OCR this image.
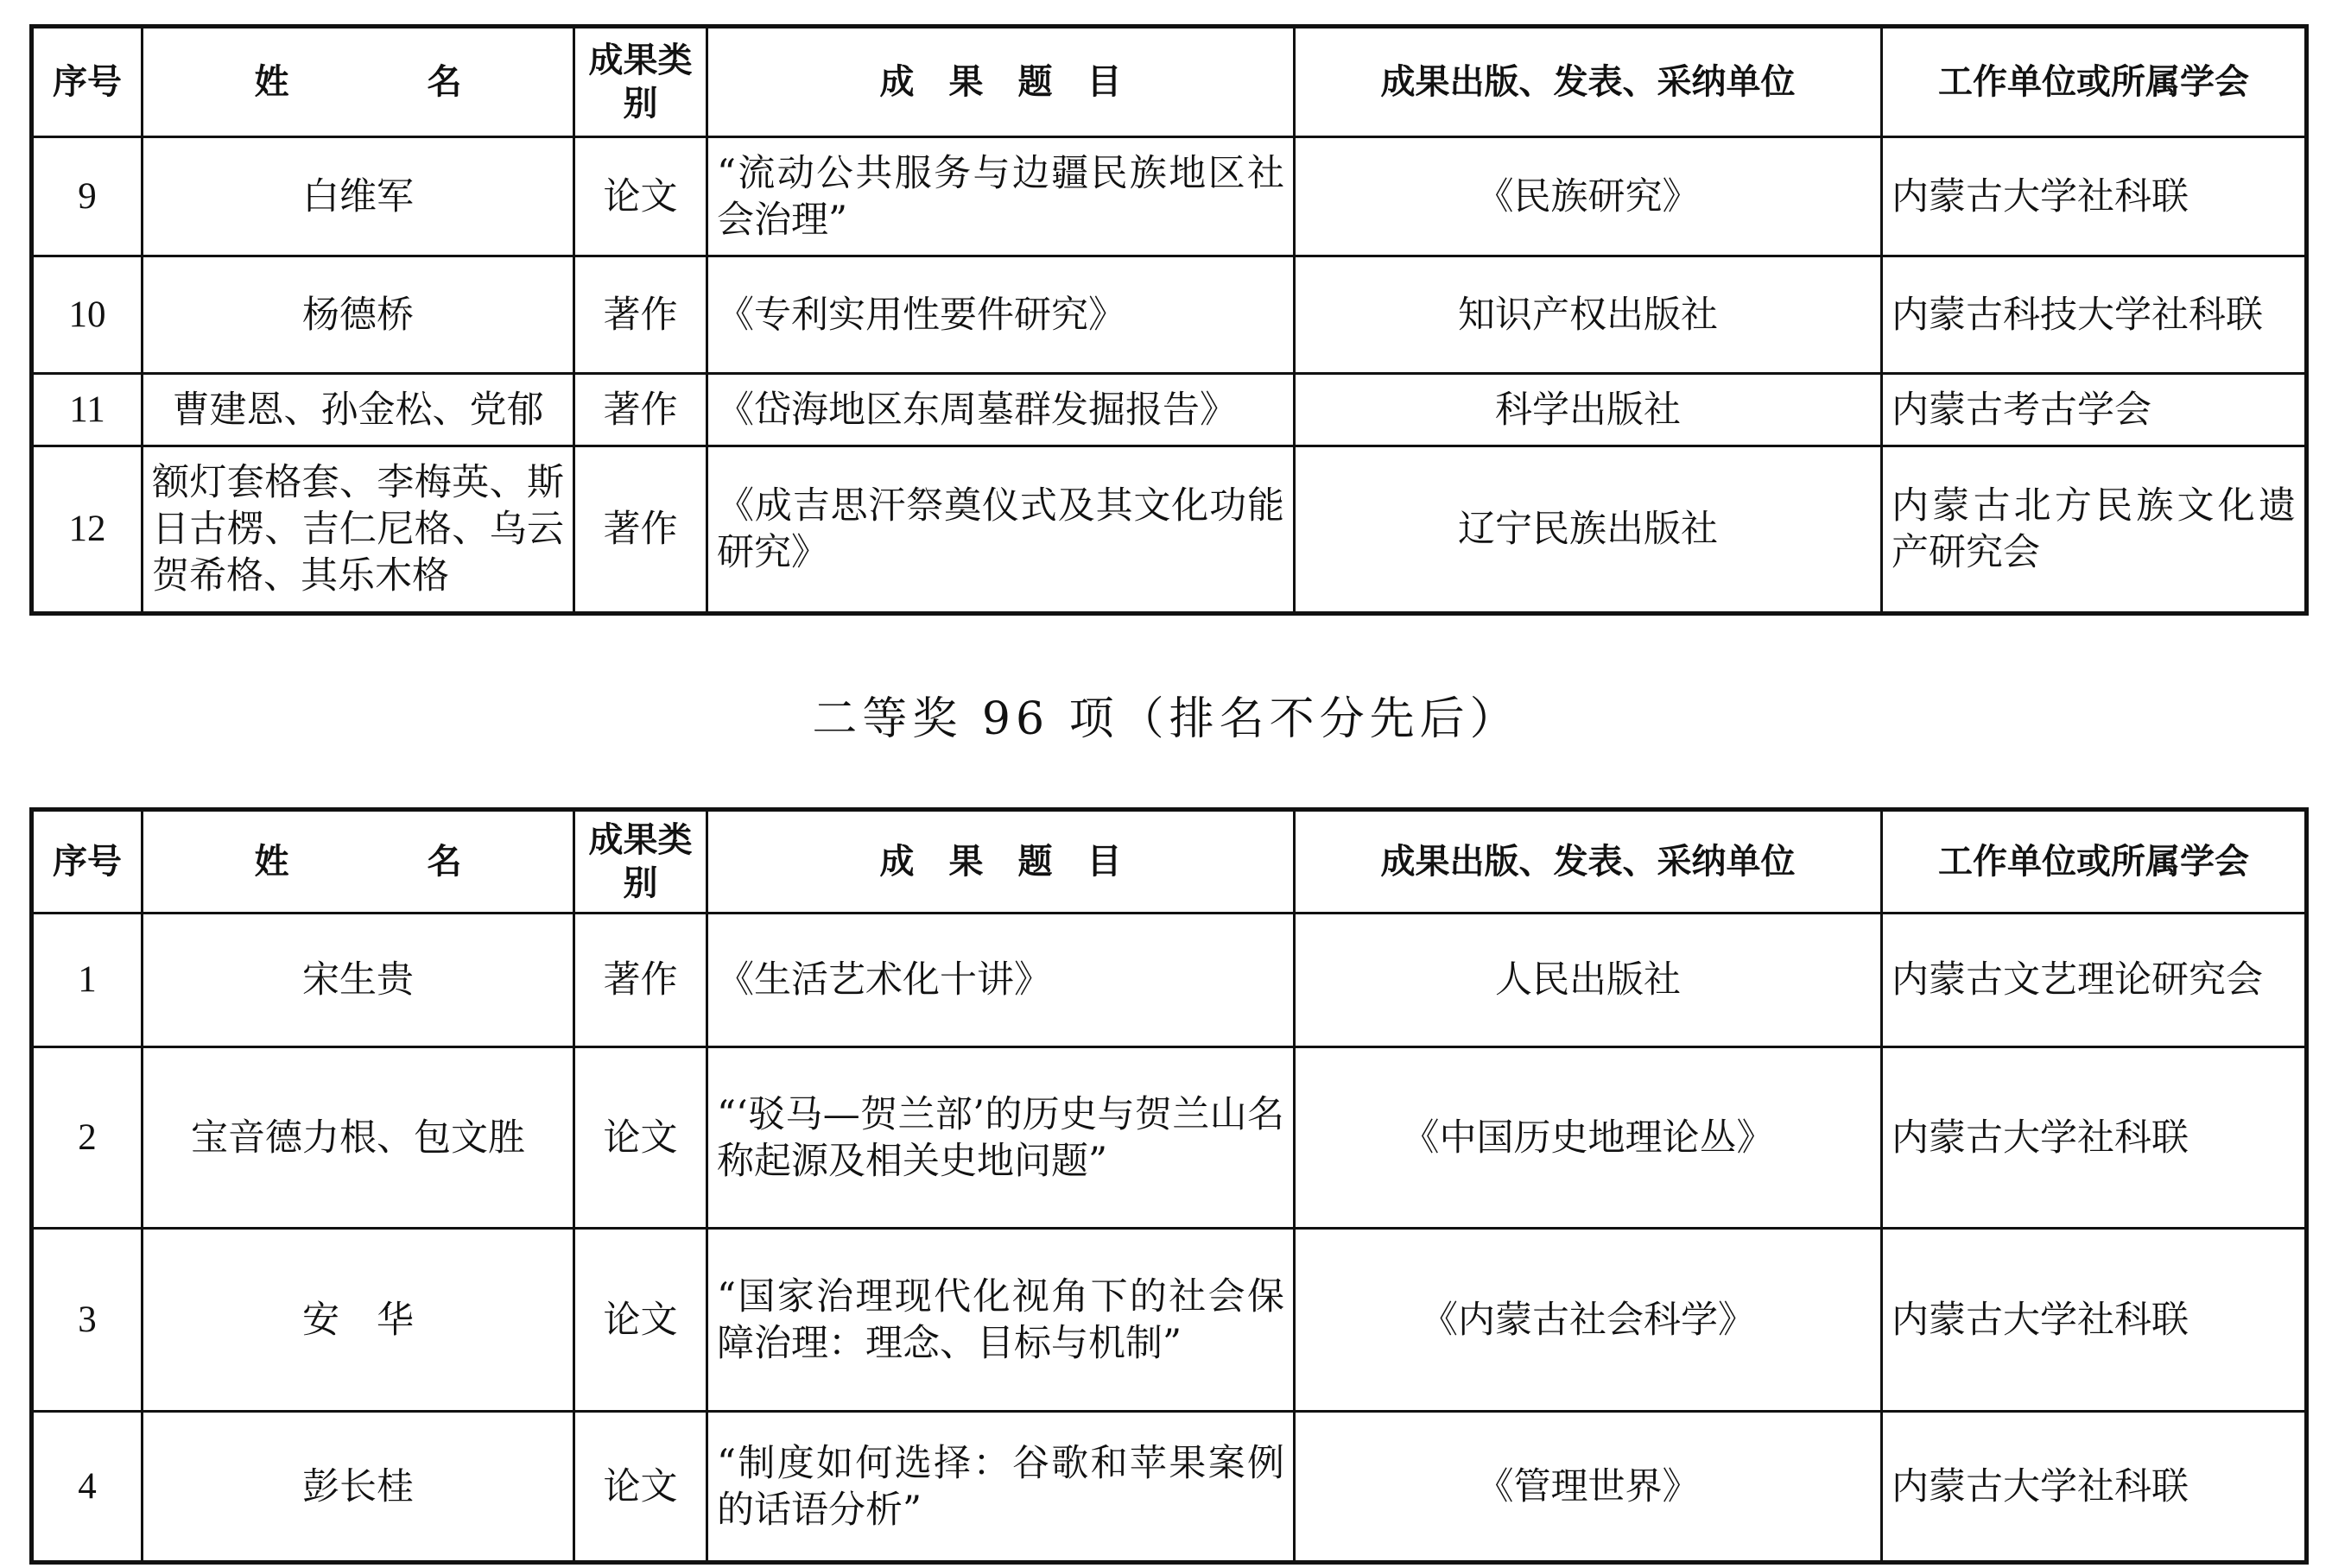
序号	姓　　　　名	成果类别	成　果　题　目	成果出版、发表、采纳单位	工作单位或所属学会
9	白维军	论文	“流动公共服务与边疆民族地区社会治理”	《民族研究》	内蒙古大学社科联
10	杨德桥	著作	《专利实用性要件研究》	知识产权出版社	内蒙古科技大学社科联
11	曹建恩、孙金松、党郁	著作	《岱海地区东周墓群发掘报告》	科学出版社	内蒙古考古学会
12	额灯套格套、李梅英、斯日古楞、吉仁尼格、乌云贺希格、其乐木格	著作	《成吉思汗祭奠仪式及其文化功能研究》	辽宁民族出版社	内蒙古北方民族文化遗产研究会
二等奖 96 项（排名不分先后）
序号	姓　　　　名	成果类别	成　果　题　目	成果出版、发表、采纳单位	工作单位或所属学会
1	宋生贵	著作	《生活艺术化十讲》	人民出版社	内蒙古文艺理论研究会
2	宝音德力根、包文胜	论文	“‘驳马—贺兰部’的历史与贺兰山名称起源及相关史地问题”	《中国历史地理论丛》	内蒙古大学社科联
3	安　华	论文	“国家治理现代化视角下的社会保障治理：理念、目标与机制”	《内蒙古社会科学》	内蒙古大学社科联
4	彭长桂	论文	“制度如何选择：谷歌和苹果案例的话语分析”	《管理世界》	内蒙古大学社科联
